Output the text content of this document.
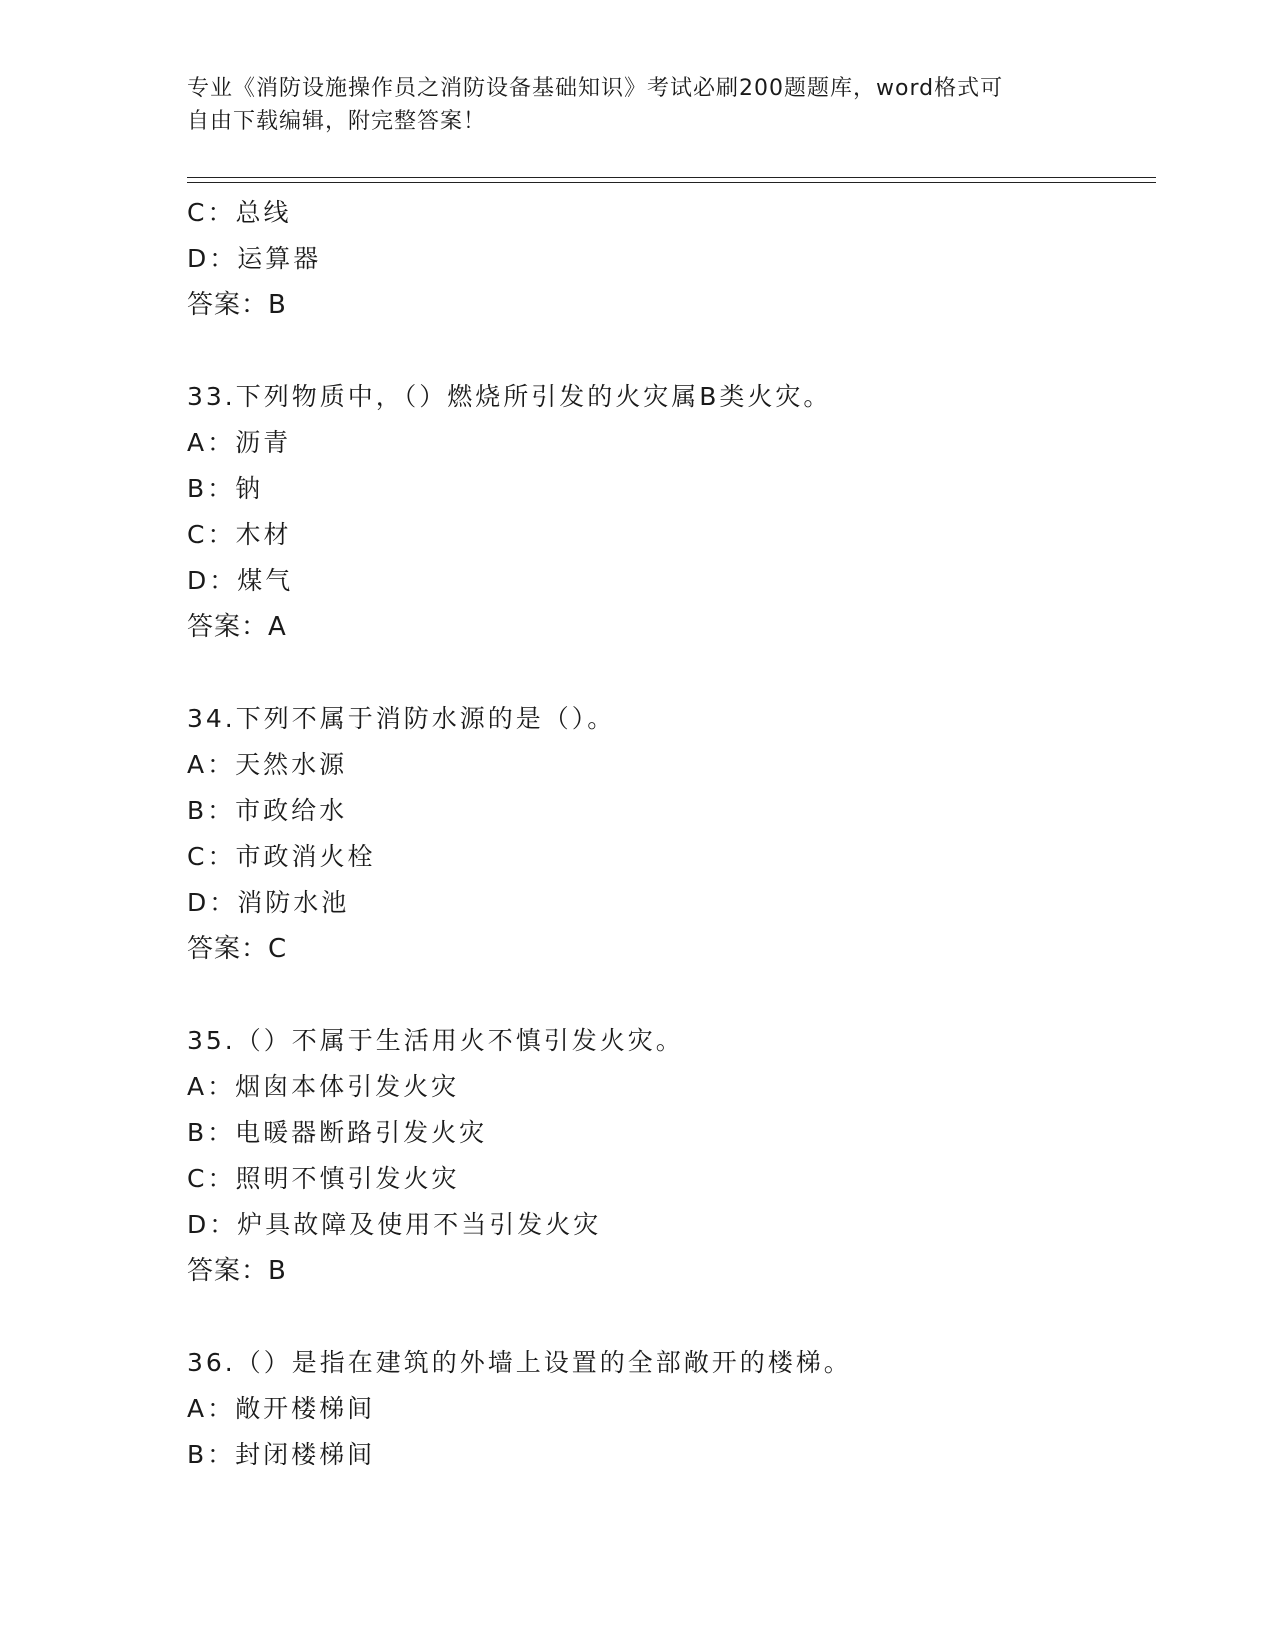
专业《消防设施操作员之消防设备基础知识》考试必刷200题题库，word格式可
自由下载编辑，附完整答案！
C：总线
D：运算器
答案：B
33.下列物质中，（）燃烧所引发的火灾属B类火灾。
A：沥青
B：钠
C：木材
D：煤气
答案：A
34.下列不属于消防水源的是（）。
A：天然水源
B：市政给水
C：市政消火栓
D：消防水池
答案：C
35.（）不属于生活用火不慎引发火灾。
A：烟囱本体引发火灾
B：电暖器断路引发火灾
C：照明不慎引发火灾
D：炉具故障及使用不当引发火灾
答案：B
36.（）是指在建筑的外墙上设置的全部敞开的楼梯。
A：敞开楼梯间
B：封闭楼梯间
